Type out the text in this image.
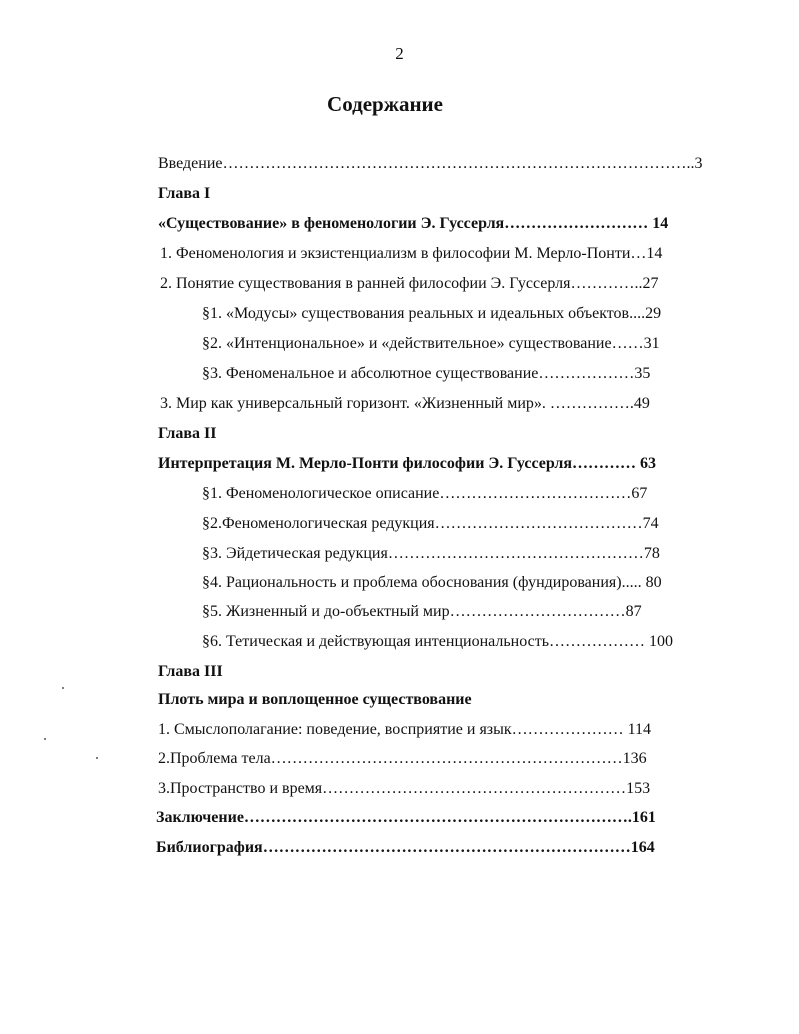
2
Содержание
Введение……………………………………………………………………………..3
Глава I
«Существование» в феноменологии Э. Гуссерля……………………… 14
1. Феноменология и экзистенциализм в философии М. Мерло-Понти…14
2. Понятие существования в ранней философии Э. Гуссерля…………..27
§1. «Модусы» существования реальных и идеальных объектов....29
§2. «Интенциональное» и «действительное» существование……31
§3. Феноменальное и абсолютное существование………………35
3. Мир как универсальный горизонт. «Жизненный мир». …………….49
Глава II
Интерпретация М. Мерло-Понти философии Э. Гуссерля………… 63
§1. Феноменологическое описание………………………………67
§2.Феноменологическая редукция…………………………………74
§3. Эйдетическая редукция…………………………………………78
§4. Рациональность и проблема обоснования (фундирования)..... 80
§5. Жизненный и до-объектный мир……………………………87
§6. Тетическая и действующая интенциональность……………… 100
Глава III
Плоть мира и воплощенное существование
1. Смыслополагание: поведение, восприятие и язык………………… 114
2.Проблема тела…………………………………………………………136
3.Пространство и время…………………………………………………153
Заключение……………………………………………………………….161
Библиография……………………………………………………………164
